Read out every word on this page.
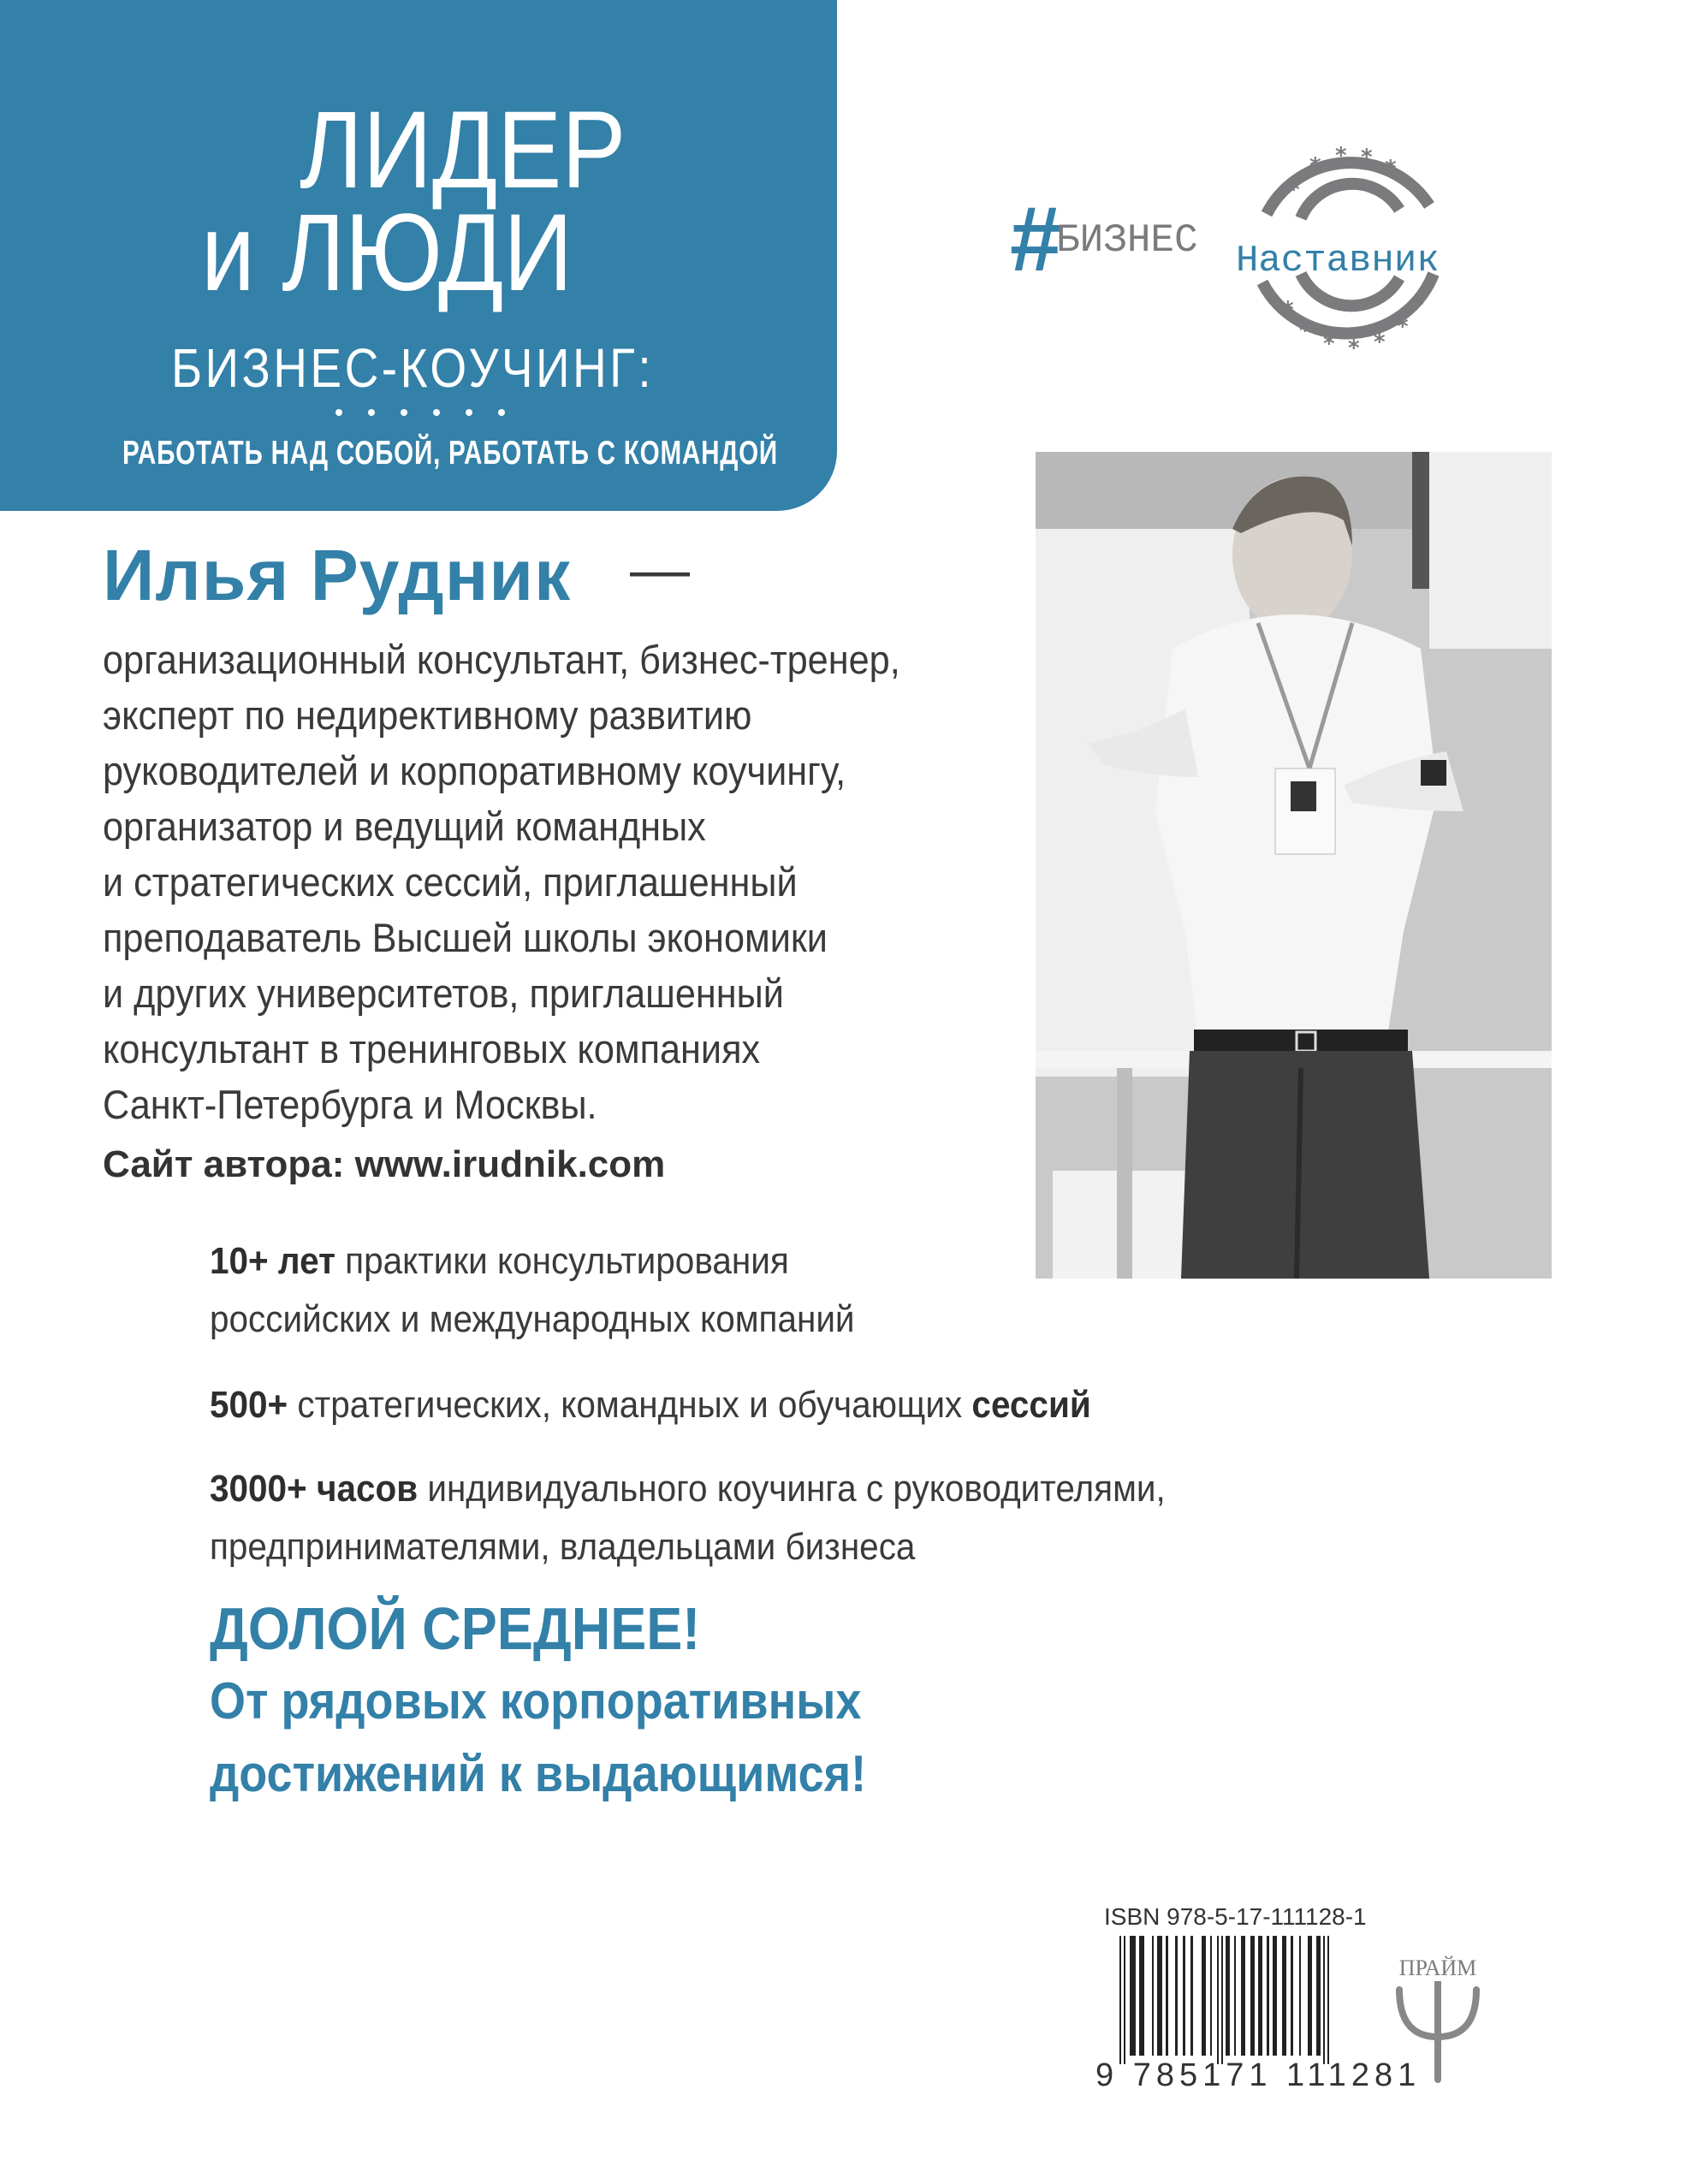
ЛИДЕР
и ЛЮДИ
БИЗНЕС-КОУЧИНГ:
РАБОТАТЬ НАД СОБОЙ, РАБОТАТЬ С КОМАНДОЙ
*
* * * *
*
*
* * * *
*
*
#
БИЗНЕС Наставник
Илья Рудник —
организационный консультант, бизнес-тренер,
эксперт по недирективному развитию
руководителей и корпоративному коучингу,
организатор и ведущий командных
и стратегических сессий, приглашенный
преподаватель Высшей школы экономики
и других университетов, приглашенный
консультант в тренинговых компаниях
Санкт-Петербурга и Москвы.
Сайт автора: www.irudnik.com
10+ лет практики консультирования
российских и международных компаний
500+ стратегических, командных и обучающих сессий
3000+ часов индивидуального коучинга с руководителями,
предпринимателями, владельцами бизнеса
ДОЛОЙ СРЕДНЕЕ!
От рядовых корпоративных
достижений к выдающимся!
ISBN 978-5-17-111128-1
9 785171 111281
ПРАЙМ
